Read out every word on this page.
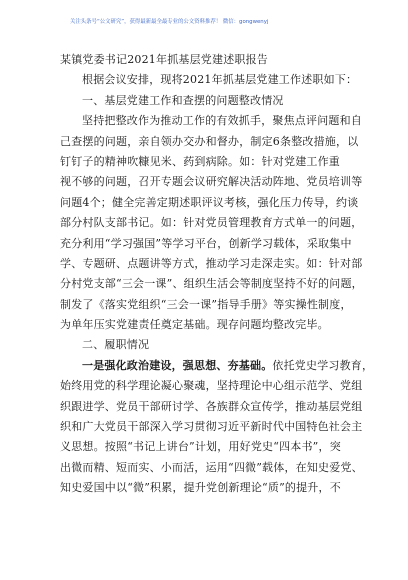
关注头条号“公文研究”，获得最新最全最专业的公文资料推荐！ 微信：gongwenyj
某镇党委书记2021年抓基层党建述职报告
根据会议安排，现将2021年抓基层党建工作述职如下：
一、基层党建工作和查摆的问题整改情况
坚持把整改作为推动工作的有效抓手，聚焦点评问题和自
己查摆的问题，亲自领办交办和督办，制定6条整改措施，以
钉钉子的精神吹糠见米、药到病除。如：针对党建工作重
视不够的问题，召开专题会议研究解决活动阵地、党员培训等
问题4个；健全完善定期述职评议考核，强化压力传导，约谈
部分村队支部书记。如：针对党员管理教育方式单一的问题，
充分利用“学习强国”等学习平台，创新学习载体，采取集中
学、专题研、点题讲等方式，推动学习走深走实。如：针对部
分村党支部“三会一课”、组织生活会等制度坚持不好的问题，
制发了《落实党组织“三会一课”指导手册》等实操性制度，
为单年压实党建责任奠定基础。现存问题均整改完毕。
二、履职情况
一是强化政治建设，强思想、夯基础。依托党史学习教育，
始终用党的科学理论凝心聚魂，坚持理论中心组示范学、党组
织跟进学、党员干部研讨学、各族群众宣传学，推动基层党组
织和广大党员干部深入学习贯彻习近平新时代中国特色社会主
义思想。按照“书记上讲台”计划，用好党史“四本书”，突
出微而精、短而实、小而活，运用“四微”载体，在知史爱党、
知史爱国中以“微”积累，提升党创新理论“质”的提升，不
